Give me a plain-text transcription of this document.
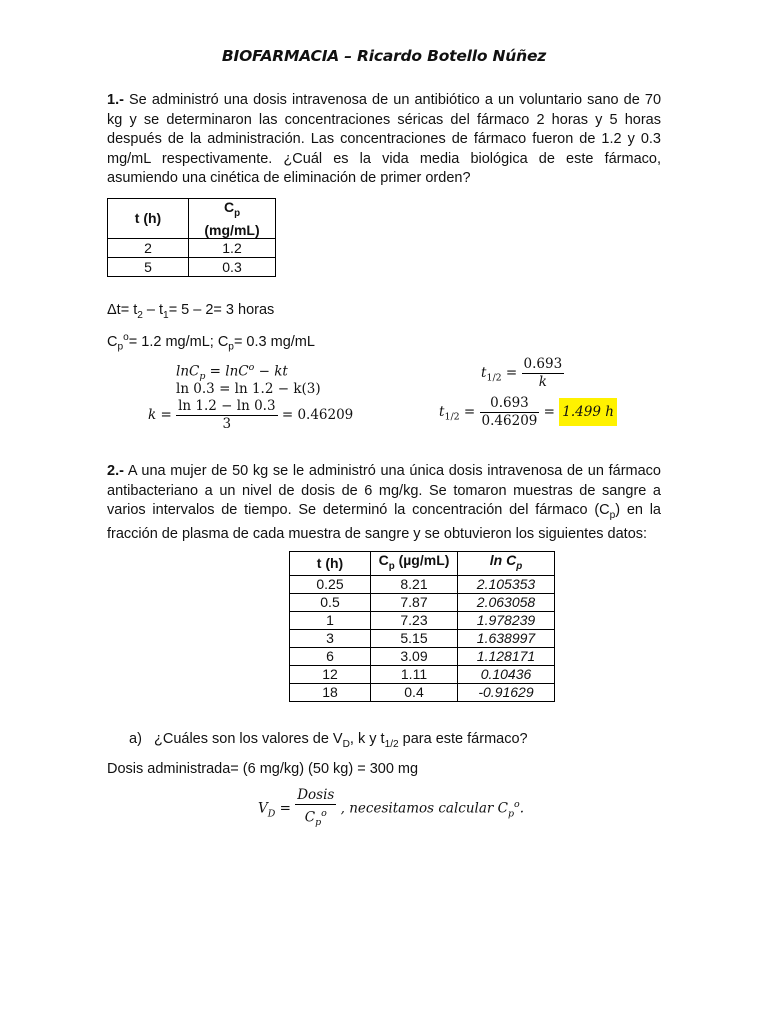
BIOFARMACIA – Ricardo Botello Núñez
1.- Se administró una dosis intravenosa de un antibiótico a un voluntario sano de 70 kg y se determinaron las concentraciones séricas del fármaco 2 horas y 5 horas después de la administración. Las concentraciones de fármaco fueron de 1.2 y 0.3 mg/mL respectivamente. ¿Cuál es la vida media biológica de este fármaco, asumiendo una cinética de eliminación de primer orden?
t (h)	$C_p$
(mg/mL)
2	1.2
5	0.3
$\Delta t= t_2 - t_1= 5 - 2= 3$ horas
$C_p^o= 1.2$ mg/mL; $C_p= 0.3$ mg/mL
lnC$_p$ = lnC$^o$ − kt
ln 0.3 = ln 1.2 − k(3)
$k = \frac{\ln 1.2 - \ln 0.3}{3} = 0.46209$
$t_{1/2} = \frac{0.693}{k}$
$t_{1/2} = \frac{0.693}{0.46209} = 1.499$ h
2.- A una mujer de 50 kg se le administró una única dosis intravenosa de un fármaco antibacteriano a un nivel de dosis de 6 mg/kg. Se tomaron muestras de sangre a varios intervalos de tiempo. Se determinó la concentración del fármaco $(C_p)$ en la fracción de plasma de cada muestra de sangre y se obtuvieron los siguientes datos:
t (h)	$C_p$ (µg/mL)	$\ln C_p$
0.25	8.21	2.105353
0.5	7.87	2.063058
1	7.23	1.978239
3	5.15	1.638997
6	3.09	1.128171
12	1.11	0.10436
18	0.4	-0.91629
a) ¿Cuáles son los valores de $V_D$, k y $t_{1/2}$ para este fármaco?
Dosis administrada= (6 mg/kg) (50 kg) = 300 mg
$V_D = \frac{\text{Dosis}}{C_p^o}$ , necesitamos calcular $C_p^o$.
